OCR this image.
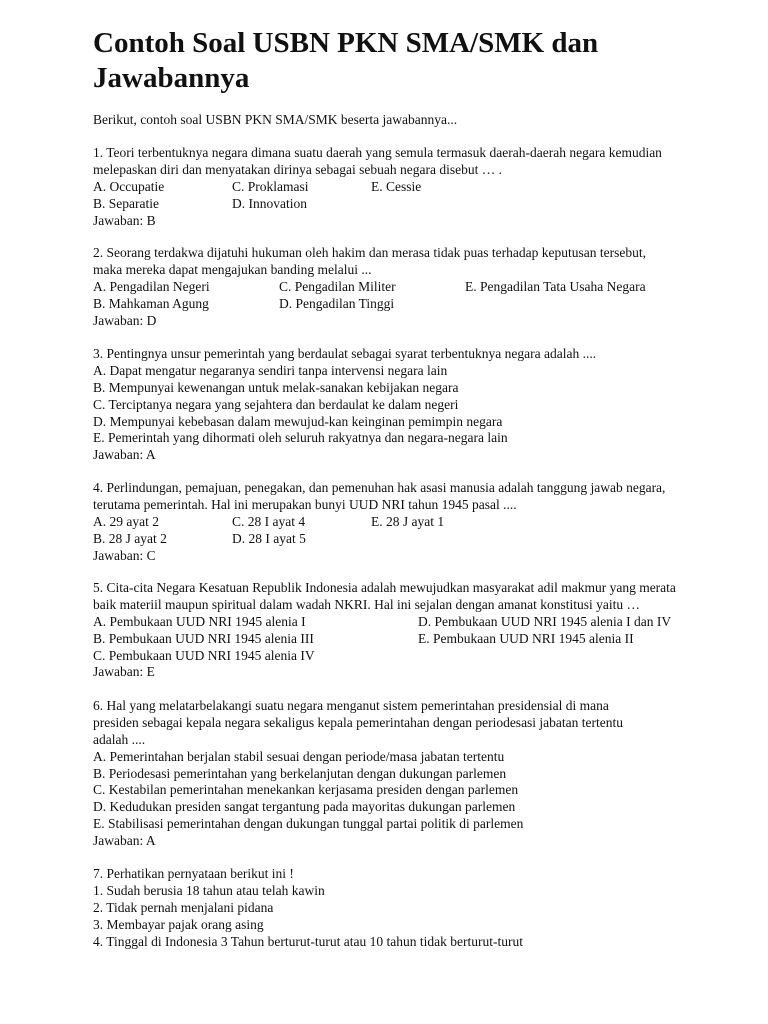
Contoh Soal USBN PKN SMA/SMK dan Jawabannya
Berikut, contoh soal USBN PKN SMA/SMK beserta jawabannya...
1. Teori terbentuknya negara dimana suatu daerah yang semula termasuk daerah-daerah negara kemudian
melepaskan diri dan menyatakan dirinya sebagai sebuah negara disebut … .
A. Occupatie	C. Proklamasi	E. Cessie
B. Separatie	D. Innovation
Jawaban: B
2. Seorang terdakwa dijatuhi hukuman oleh hakim dan merasa tidak puas terhadap keputusan tersebut,
maka mereka dapat mengajukan banding melalui ...
A. Pengadilan Negeri	C. Pengadilan Militer	E. Pengadilan Tata Usaha Negara
B. Mahkaman Agung	D. Pengadilan Tinggi
Jawaban: D
3. Pentingnya unsur pemerintah yang berdaulat sebagai syarat terbentuknya negara adalah ....
A. Dapat mengatur negaranya sendiri tanpa intervensi negara lain
B. Mempunyai kewenangan untuk melak-sanakan kebijakan negara
C. Terciptanya negara yang sejahtera dan berdaulat ke dalam negeri
D. Mempunyai kebebasan dalam mewujud-kan keinginan pemimpin negara
E. Pemerintah yang dihormati oleh seluruh rakyatnya dan negara-negara lain
Jawaban: A
4. Perlindungan, pemajuan, penegakan, dan pemenuhan hak asasi manusia adalah tanggung jawab negara,
terutama pemerintah. Hal ini merupakan bunyi UUD NRI tahun 1945 pasal ....
A. 29 ayat 2	C. 28 I ayat 4	E. 28 J ayat 1
B. 28 J ayat 2	D. 28 I ayat 5
Jawaban: C
5. Cita-cita Negara Kesatuan Republik Indonesia adalah mewujudkan masyarakat adil makmur yang merata
baik materiil maupun spiritual dalam wadah NKRI. Hal ini sejalan dengan amanat konstitusi yaitu …
A. Pembukaan UUD NRI 1945 alenia I	D. Pembukaan UUD NRI 1945 alenia I dan IV
B. Pembukaan UUD NRI 1945 alenia III	E. Pembukaan UUD NRI 1945 alenia II
C. Pembukaan UUD NRI 1945 alenia IV
Jawaban: E
6. Hal yang melatarbelakangi suatu negara menganut sistem pemerintahan presidensial di mana
presiden sebagai kepala negara sekaligus kepala pemerintahan dengan periodesasi jabatan tertentu
adalah ....
A. Pemerintahan berjalan stabil sesuai dengan periode/masa jabatan tertentu
B. Periodesasi pemerintahan yang berkelanjutan dengan dukungan parlemen
C. Kestabilan pemerintahan menekankan kerjasama presiden dengan parlemen
D. Kedudukan presiden sangat tergantung pada mayoritas dukungan parlemen
E. Stabilisasi pemerintahan dengan dukungan tunggal partai politik di parlemen
Jawaban: A
7. Perhatikan pernyataan berikut ini !
1. Sudah berusia 18 tahun atau telah kawin
2. Tidak pernah menjalani pidana
3. Membayar pajak orang asing
4. Tinggal di Indonesia 3 Tahun berturut-turut atau 10 tahun tidak berturut-turut
